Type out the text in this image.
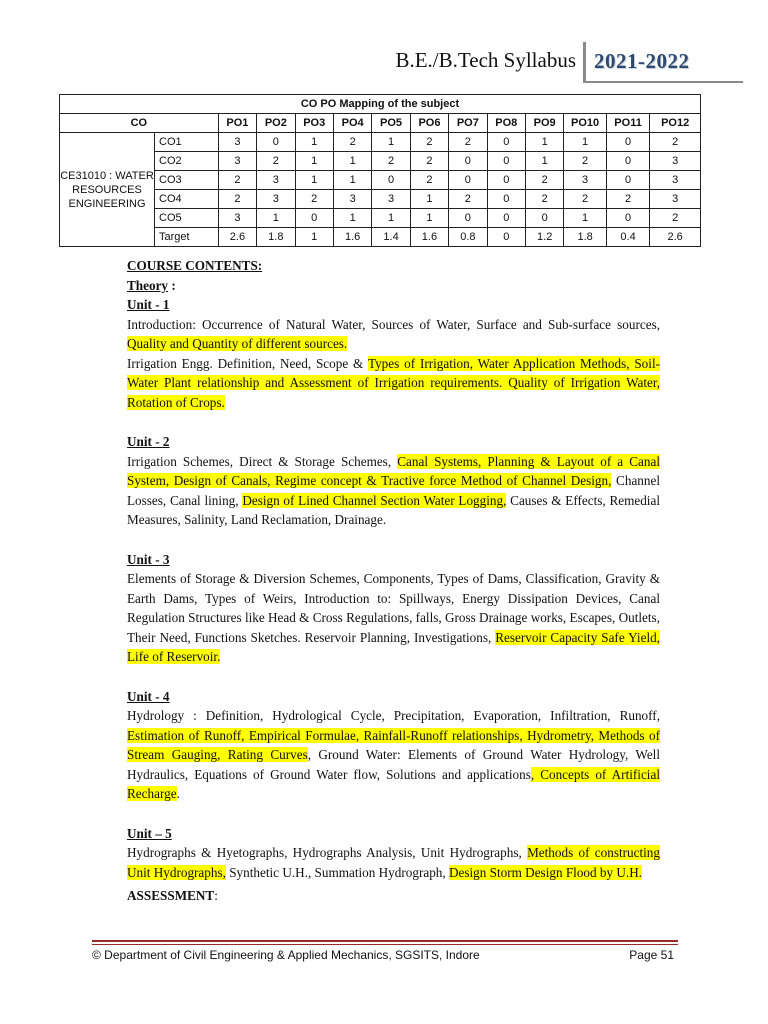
B.E./B.Tech Syllabus 2021-2022
CO PO Mapping of the subject													
CO		PO1	PO2	PO3	PO4	PO5	PO6	PO7	PO8	PO9	PO10	PO11	PO12
CE31010 : WATER RESOURCES ENGINEERING	CO1	3	0	1	2	1	2	2	0	1	1	0	2
	CO2	3	2	1	1	2	2	0	0	1	2	0	3
	CO3	2	3	1	1	0	2	0	0	2	3	0	3
	CO4	2	3	2	3	3	1	2	0	2	2	2	3
	CO5	3	1	0	1	1	1	0	0	0	1	0	2
	Target	2.6	1.8	1	1.6	1.4	1.6	0.8	0	1.2	1.8	0.4	2.6

COURSE CONTENTS:

Theory :

Unit - 1

Introduction: Occurrence of Natural Water, Sources of Water, Surface and Sub-surface sources, Quality and Quantity of different sources.

Irrigation Engg. Definition, Need, Scope & Types of Irrigation, Water Application Methods, Soil-Water Plant relationship and Assessment of Irrigation requirements. Quality of Irrigation Water, Rotation of Crops.

Unit - 2

Irrigation Schemes, Direct & Storage Schemes, Canal Systems, Planning & Layout of a Canal System, Design of Canals, Regime concept & Tractive force Method of Channel Design, Channel Losses, Canal lining, Design of Lined Channel Section Water Logging, Causes & Effects, Remedial Measures, Salinity, Land Reclamation, Drainage.

Unit - 3

Elements of Storage & Diversion Schemes, Components, Types of Dams, Classification, Gravity & Earth Dams, Types of Weirs, Introduction to: Spillways, Energy Dissipation Devices, Canal Regulation Structures like Head & Cross Regulations, falls, Gross Drainage works, Escapes, Outlets, Their Need, Functions Sketches. Reservoir Planning, Investigations, Reservoir Capacity Safe Yield, Life of Reservoir.

Unit - 4

Hydrology : Definition, Hydrological Cycle, Precipitation, Evaporation, Infiltration, Runoff, Estimation of Runoff, Empirical Formulae, Rainfall-Runoff relationships, Hydrometry, Methods of Stream Gauging, Rating Curves, Ground Water: Elements of Ground Water Hydrology, Well Hydraulics, Equations of Ground Water flow, Solutions and applications, Concepts of Artificial Recharge.

Unit – 5

Hydrographs & Hyetographs, Hydrographs Analysis, Unit Hydrographs, Methods of constructing Unit Hydrographs, Synthetic U.H., Summation Hydrograph, Design Storm Design Flood by U.H.

ASSESSMENT:

© Department of Civil Engineering & Applied Mechanics, SGSITS, Indore	Page 51
